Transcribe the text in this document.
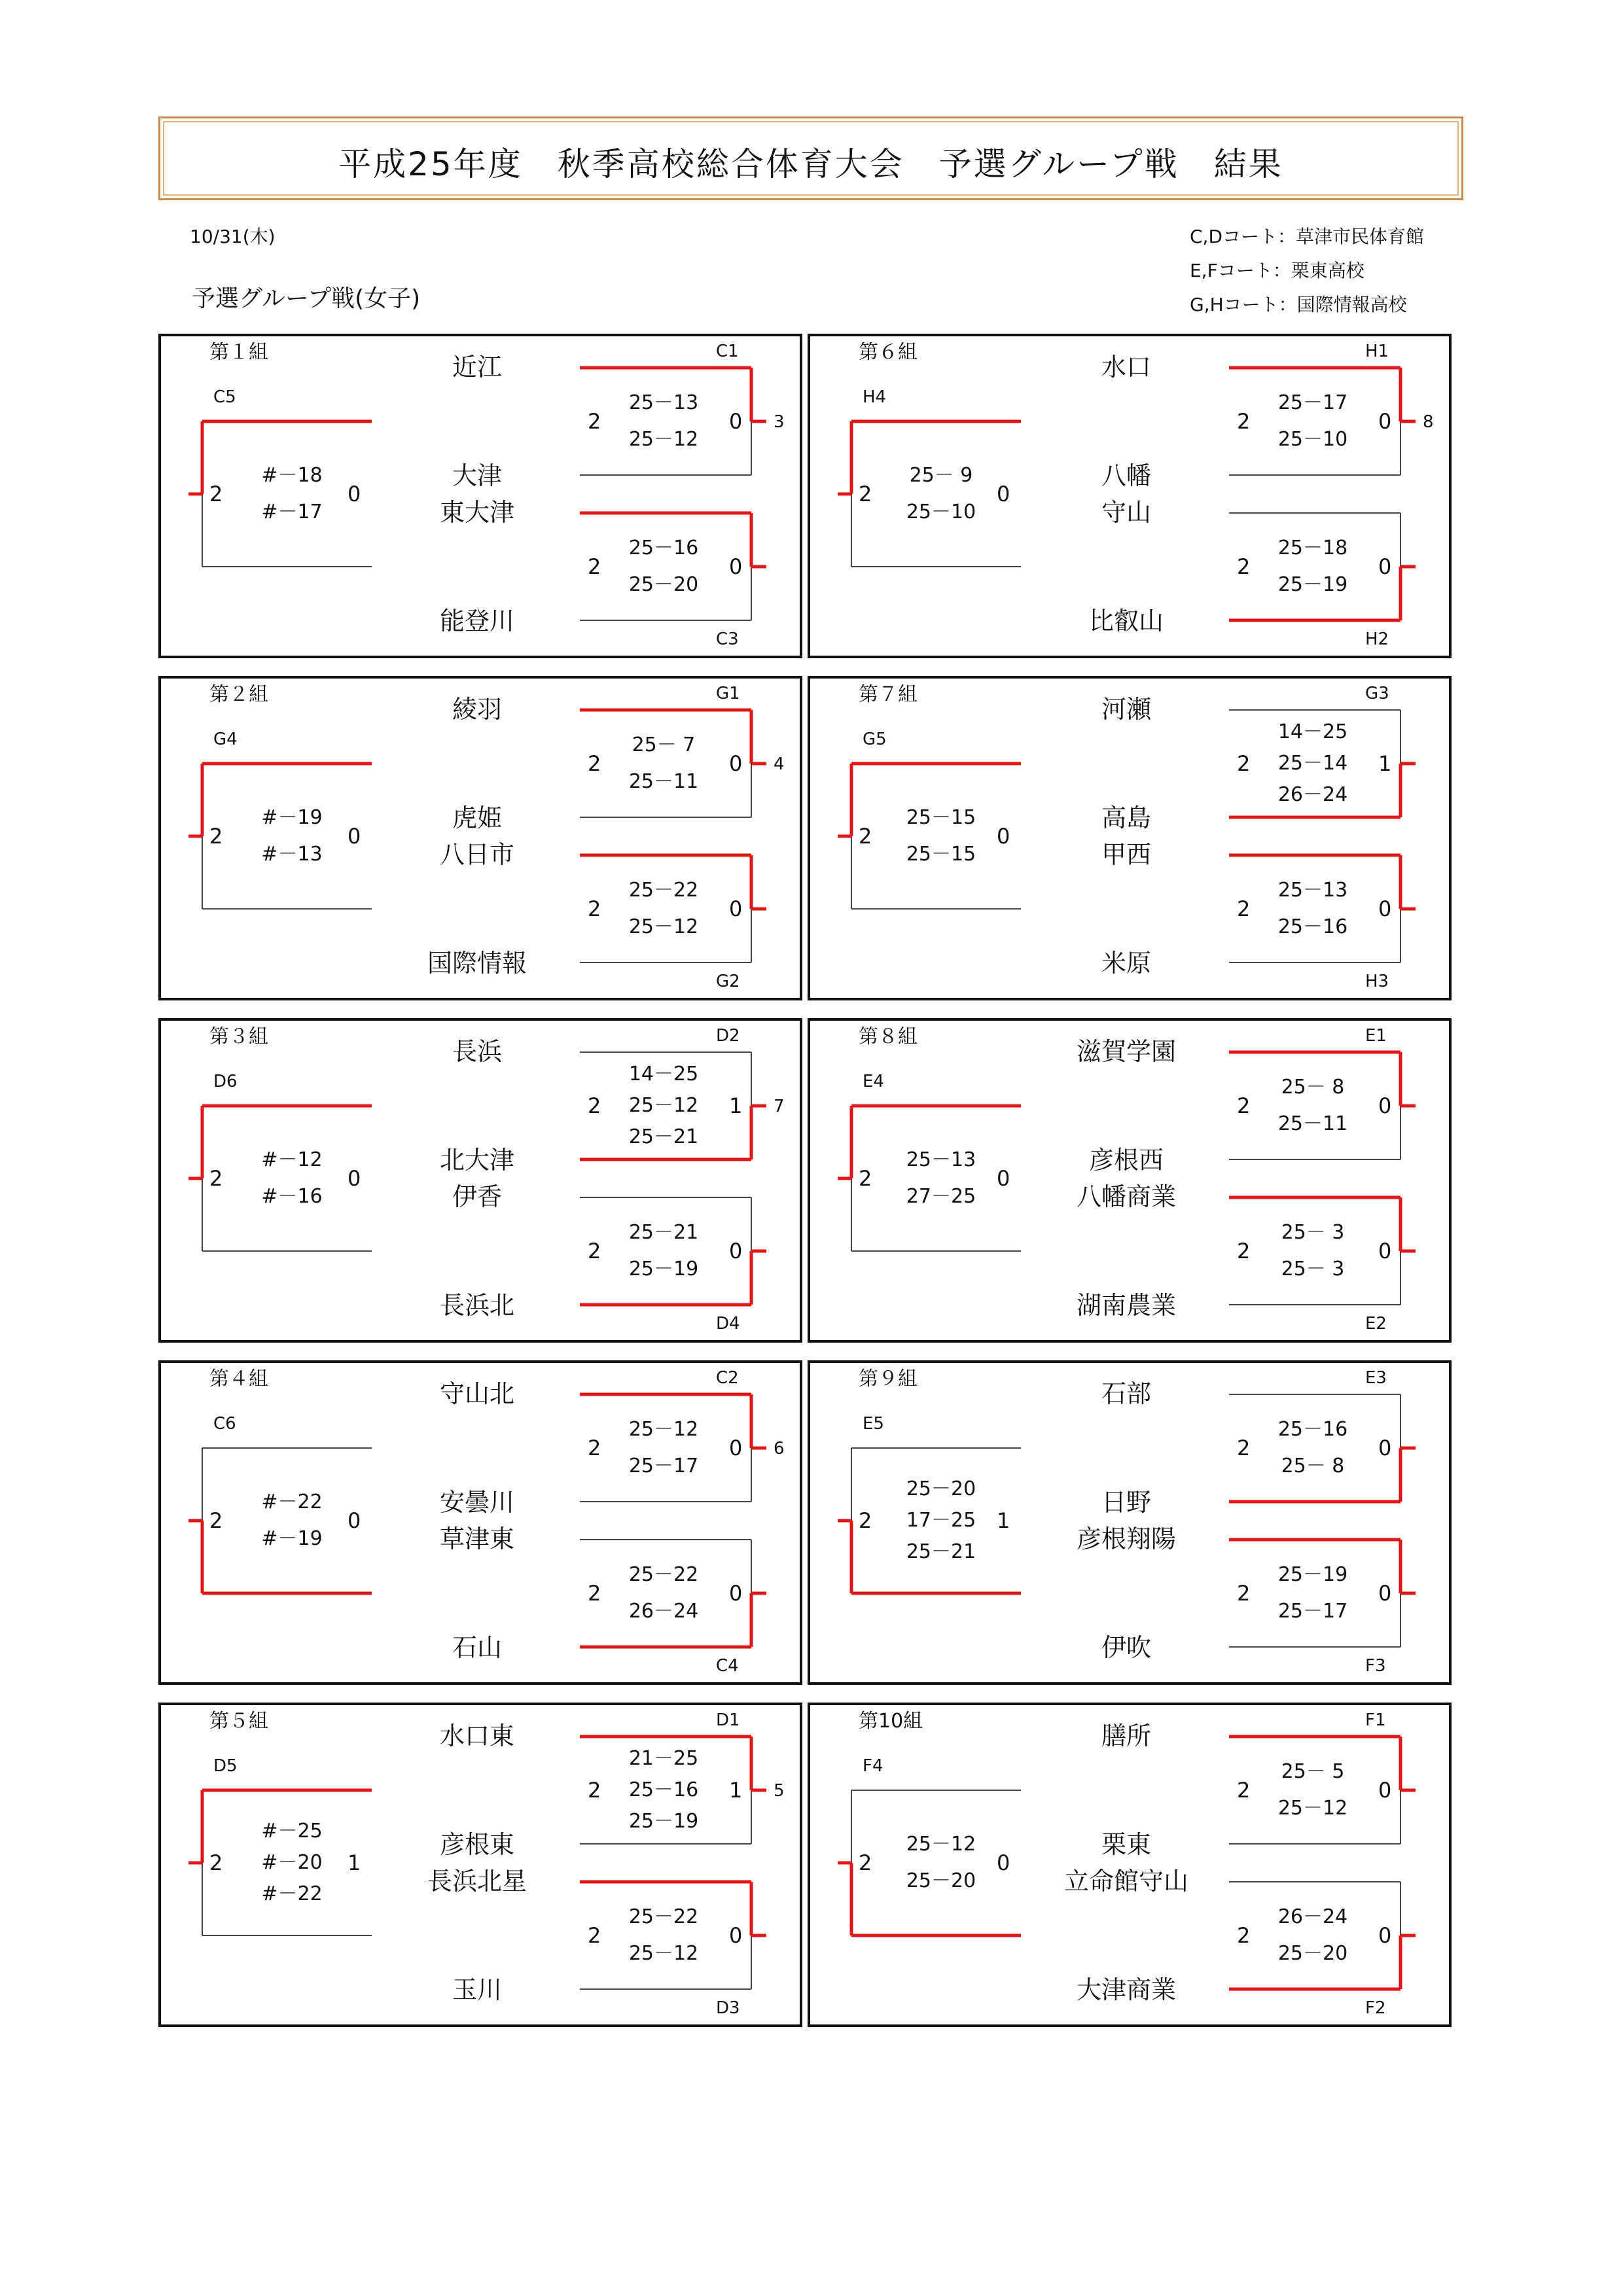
平成25年度　秋季高校総合体育大会　予選グループ戦　結果
10/31(木)
予選グループ戦(女子)
C,Dコート：草津市民体育館
E,Fコート：栗東高校
G,Hコート：国際情報高校
第１組
C5
C1
C3
3
近江
大津
東大津
能登川
2	0
#－18
#－17
2	0
25－13
25－12
2	0
25－16
25－20
第６組
H4
H1
H2
8
水口
八幡
守山
比叡山
2	0
25－ 9
25－10
2	0
25－17
25－10
2	0
25－18
25－19
第２組
G4
G1
G2
4
綾羽
虎姫
八日市
国際情報
2	0
#－19
#－13
2	0
25－ 7
25－11
2	0
25－22
25－12
第７組
G5
G3
H3
河瀬
高島
甲西
米原
2	0
25－15
25－15
2	1
14－25
25－14
26－24
2	0
25－13
25－16
第３組
D6
D2
D4
7
長浜
北大津
伊香
長浜北
2	0
#－12
#－16
2	1
14－25
25－12
25－21
2	0
25－21
25－19
第８組
E4
E1
E2
滋賀学園
彦根西
八幡商業
湖南農業
2	0
25－13
27－25
2	0
25－ 8
25－11
2	0
25－ 3
25－ 3
第４組
C6
C2
C4
6
守山北
安曇川
草津東
石山
2	0
#－22
#－19
2	0
25－12
25－17
2	0
25－22
26－24
第９組
E5
E3
F3
石部
日野
彦根翔陽
伊吹
2	1
25－20
17－25
25－21
2	0
25－16
25－ 8
2	0
25－19
25－17
第５組
D5
D1
D3
5
水口東
彦根東
長浜北星
玉川
2	1
#－25
#－20
#－22
2	1
21－25
25－16
25－19
2	0
25－22
25－12
第10組
F4
F1
F2
膳所
栗東
立命館守山
大津商業
2	0
25－12
25－20
2	0
25－ 5
25－12
2	0
26－24
25－20
